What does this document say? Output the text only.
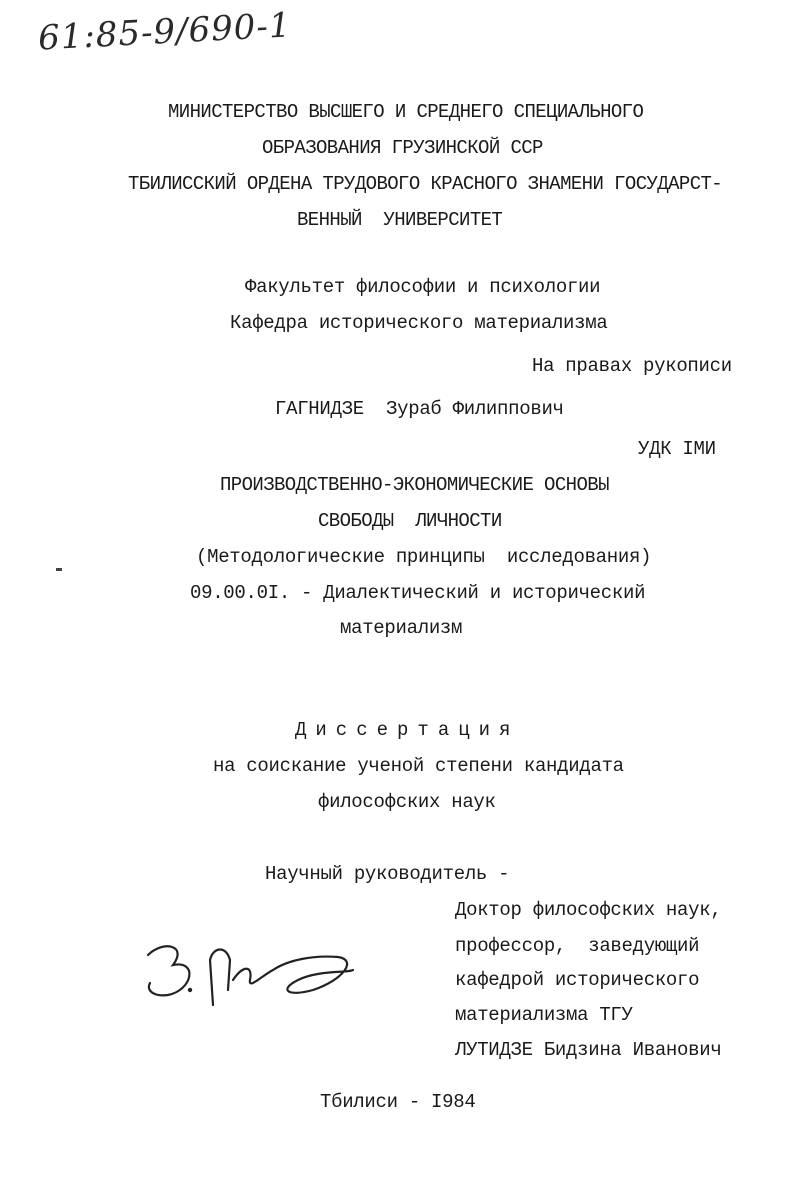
61:85-9/690-1
МИНИСТЕРСТВО ВЫСШЕГО И СРЕДНЕГО СПЕЦИАЛЬНОГО
ОБРАЗОВАНИЯ ГРУЗИНСКОЙ ССР
ТБИЛИССКИЙ ОРДЕНА ТРУДОВОГО КРАСНОГО ЗНАМЕНИ ГОСУДАРСТ-
ВЕННЫЙ  УНИВЕРСИТЕТ
Факультет философии и психологии
Кафедра исторического материализма
На правах рукописи
ГАГНИДЗЕ  Зураб Филиппович
УДК IМИ
ПРОИЗВОДСТВЕННО-ЭКОНОМИЧЕСКИЕ ОСНОВЫ
СВОБОДЫ  ЛИЧНОСТИ
(Методологические принципы  исследования)
09.00.0I. - Диалектический и исторический
материализм
Диссертация
на соискание ученой степени кандидата
философских наук
Научный руководитель -
Доктор философских наук,
профессор,  заведующий
кафедрой исторического
материализма ТГУ
ЛУТИДЗЕ Бидзина Иванович
Тбилиси - I984
